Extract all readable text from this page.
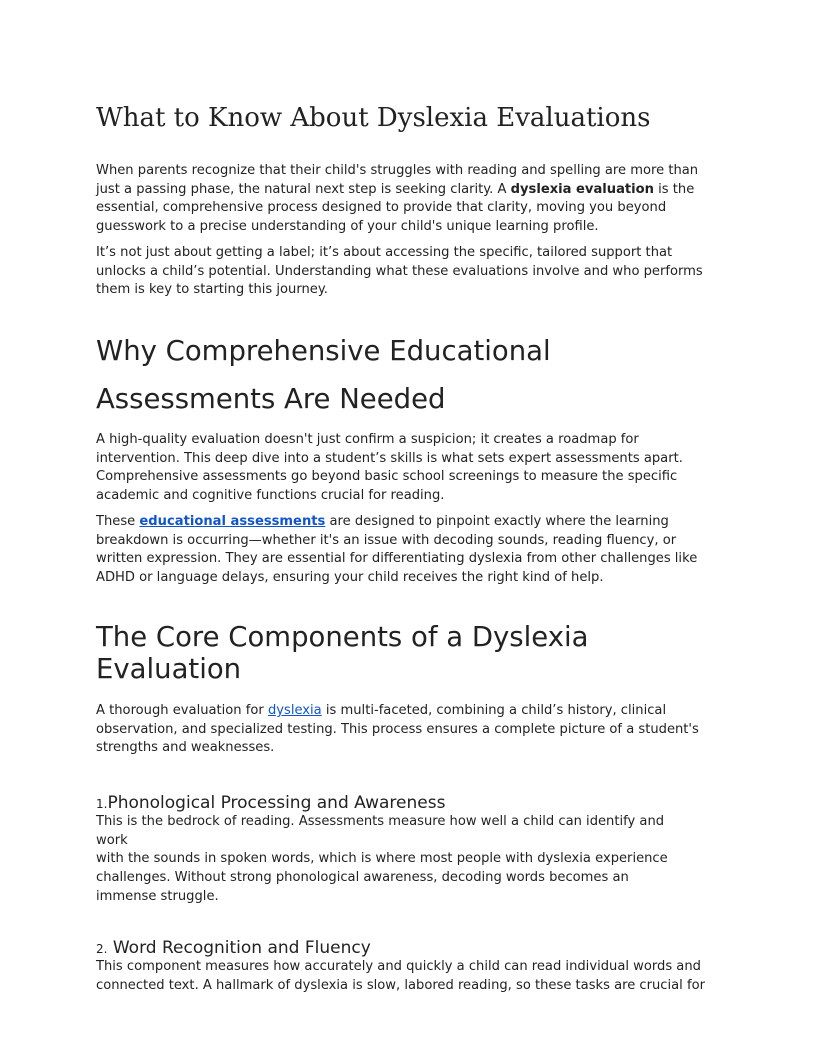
What to Know About Dyslexia Evaluations

When parents recognize that their child's struggles with reading and spelling are more than just a passing phase, the natural next step is seeking clarity. A dyslexia evaluation is the essential, comprehensive process designed to provide that clarity, moving you beyond guesswork to a precise understanding of your child's unique learning profile.

It’s not just about getting a label; it’s about accessing the specific, tailored support that unlocks a child’s potential. Understanding what these evaluations involve and who performs them is key to starting this journey.

Why Comprehensive Educational
Assessments Are Needed

A high-quality evaluation doesn't just confirm a suspicion; it creates a roadmap for intervention. This deep dive into a student’s skills is what sets expert assessments apart. Comprehensive assessments go beyond basic school screenings to measure the specific academic and cognitive functions crucial for reading.

These educational assessments are designed to pinpoint exactly where the learning breakdown is occurring—whether it's an issue with decoding sounds, reading fluency, or written expression. They are essential for differentiating dyslexia from other challenges like ADHD or language delays, ensuring your child receives the right kind of help.

The Core Components of a Dyslexia Evaluation

A thorough evaluation for dyslexia is multi-faceted, combining a child’s history, clinical observation, and specialized testing. This process ensures a complete picture of a student's strengths and weaknesses.

1.Phonological Processing and Awareness

This is the bedrock of reading. Assessments measure how well a child can identify and work
with the sounds in spoken words, which is where most people with dyslexia experience challenges. Without strong phonological awareness, decoding words becomes an immense struggle.

2. Word Recognition and Fluency

This component measures how accurately and quickly a child can read individual words and connected text. A hallmark of dyslexia is slow, labored reading, so these tasks are crucial for
